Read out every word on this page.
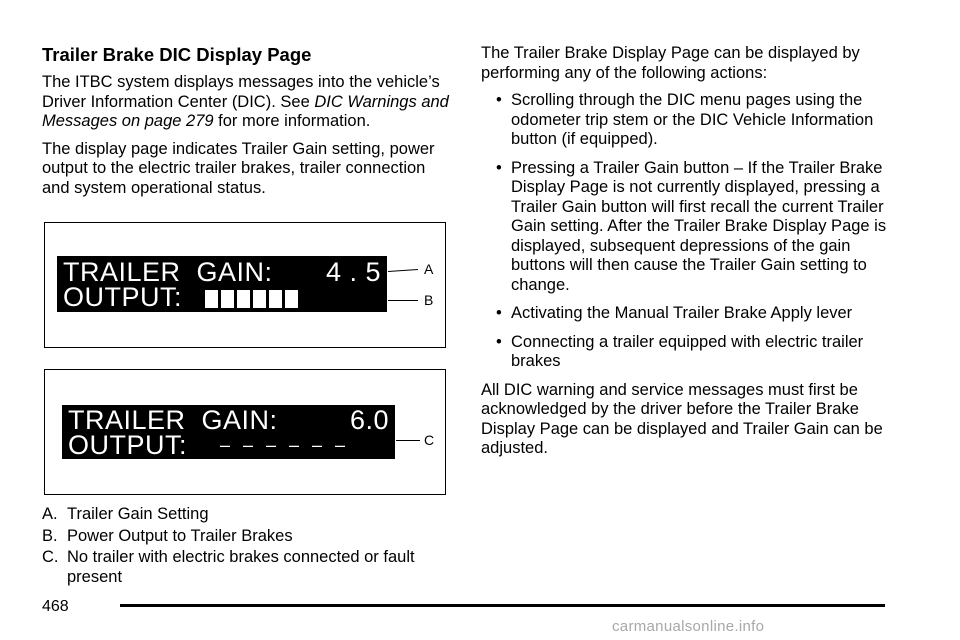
Trailer Brake DIC Display Page

The ITBC system displays messages into the vehicle’s Driver Information Center (DIC). See DIC Warnings and Messages on page 279 for more information.

The display page indicates Trailer Gain setting, power output to the electric trailer brakes, trailer connection and system operational status.

TRAILER  GAIN: 4 . 5
OUTPUT:
A
B
TRAILER  GAIN:	6.0
OUTPUT:	– – – – – –	C
A. Trailer Gain Setting
B. Power Output to Trailer Brakes
C. No trailer with electric brakes connected or fault present

The Trailer Brake Display Page can be displayed by performing any of the following actions:

• Scrolling through the DIC menu pages using the odometer trip stem or the DIC Vehicle Information button (if equipped).
• Pressing a Trailer Gain button – If the Trailer Brake Display Page is not currently displayed, pressing a Trailer Gain button will first recall the current Trailer Gain setting. After the Trailer Brake Display Page is displayed, subsequent depressions of the gain buttons will then cause the Trailer Gain setting to change.
• Activating the Manual Trailer Brake Apply lever
• Connecting a trailer equipped with electric trailer brakes

All DIC warning and service messages must first be acknowledged by the driver before the Trailer Brake Display Page can be displayed and Trailer Gain can be adjusted.

468
carmanualsonline.info
